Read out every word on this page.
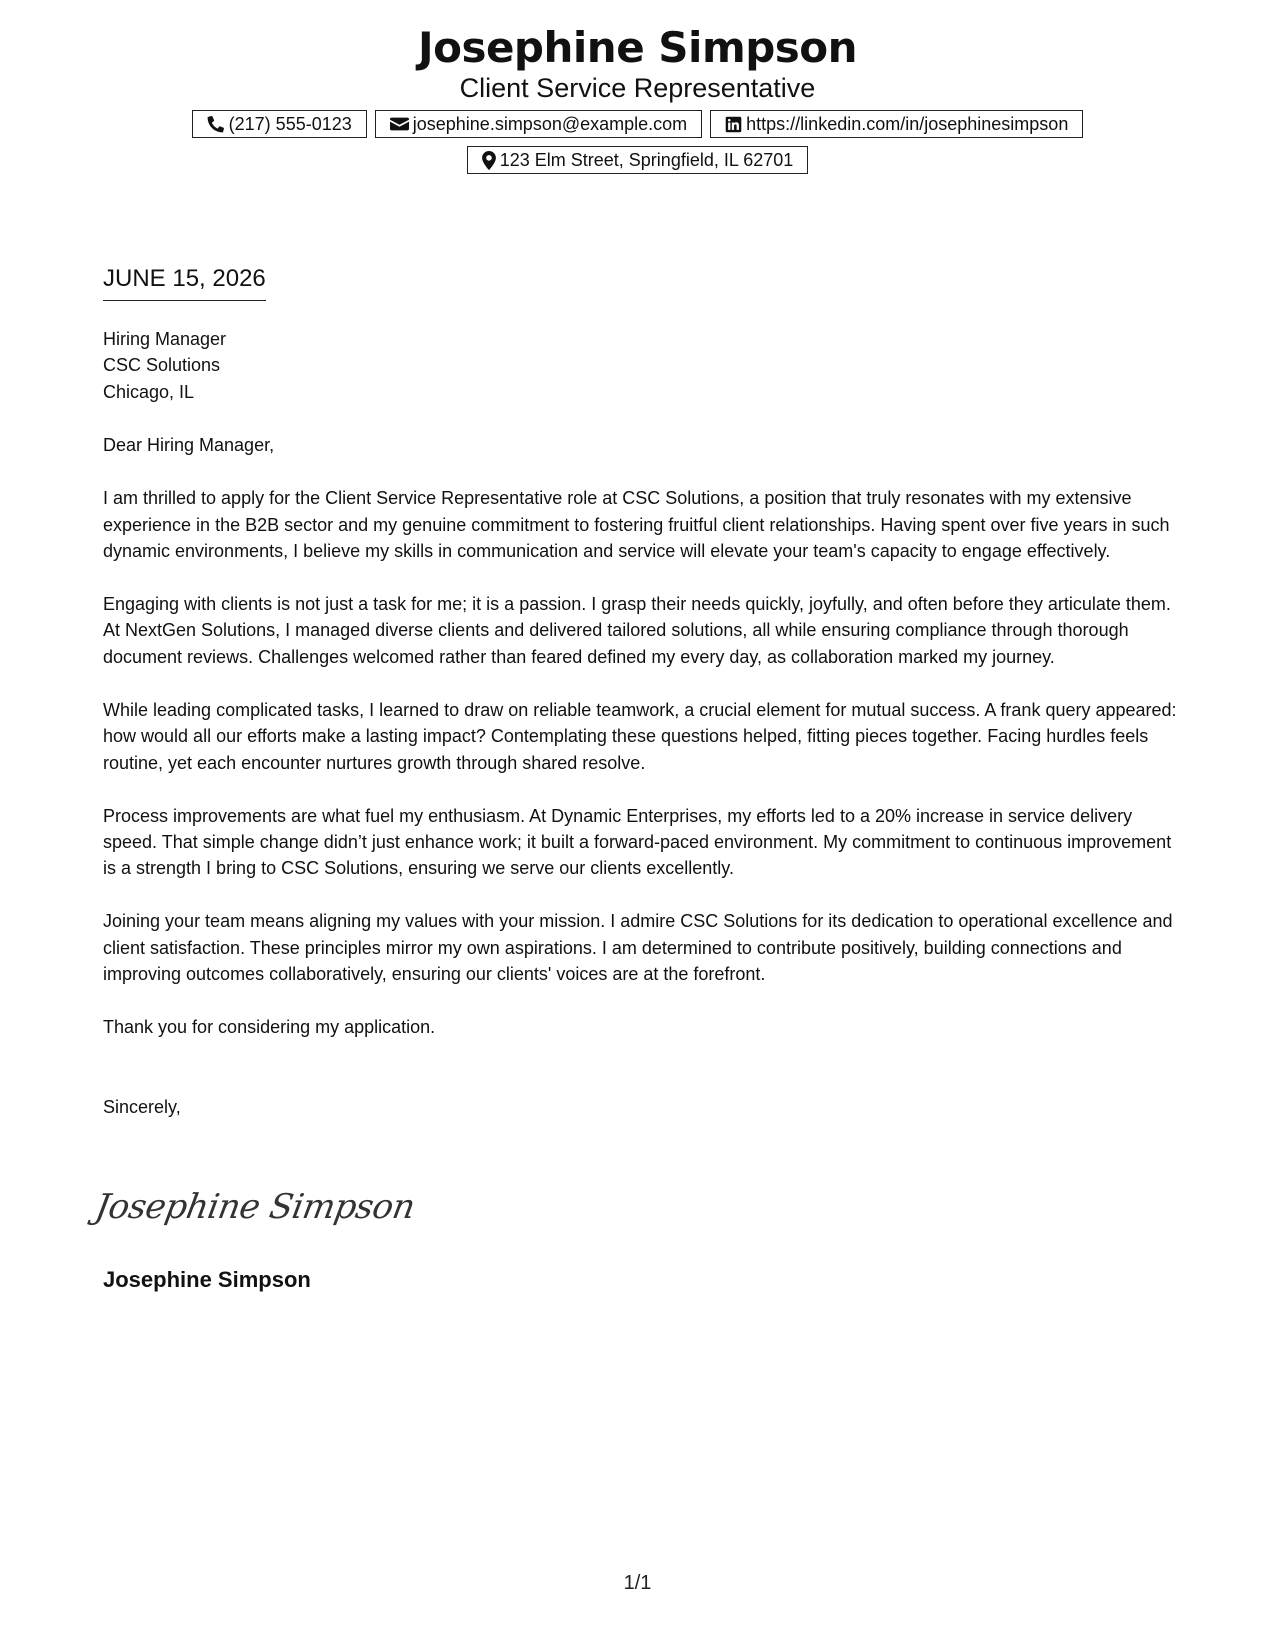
Josephine Simpson
Client Service Representative
(217) 555-0123	josephine.simpson@example.com	https://linkedin.com/in/josephinesimpson
123 Elm Street, Springfield, IL 62701
JUNE 15, 2026
Hiring Manager
CSC Solutions
Chicago, IL
Dear Hiring Manager,
I am thrilled to apply for the Client Service Representative role at CSC Solutions, a position that truly resonates with my extensive experience in the B2B sector and my genuine commitment to fostering fruitful client relationships. Having spent over five years in such dynamic environments, I believe my skills in communication and service will elevate your team's capacity to engage effectively.
Engaging with clients is not just a task for me; it is a passion. I grasp their needs quickly, joyfully, and often before they articulate them. At NextGen Solutions, I managed diverse clients and delivered tailored solutions, all while ensuring compliance through thorough document reviews. Challenges welcomed rather than feared defined my every day, as collaboration marked my journey.
While leading complicated tasks, I learned to draw on reliable teamwork, a crucial element for mutual success. A frank query appeared: how would all our efforts make a lasting impact? Contemplating these questions helped, fitting pieces together. Facing hurdles feels routine, yet each encounter nurtures growth through shared resolve.
Process improvements are what fuel my enthusiasm. At Dynamic Enterprises, my efforts led to a 20% increase in service delivery speed. That simple change didn’t just enhance work; it built a forward-paced environment. My commitment to continuous improvement is a strength I bring to CSC Solutions, ensuring we serve our clients excellently.
Joining your team means aligning my values with your mission. I admire CSC Solutions for its dedication to operational excellence and client satisfaction. These principles mirror my own aspirations. I am determined to contribute positively, building connections and improving outcomes collaboratively, ensuring our clients' voices are at the forefront.
Thank you for considering my application.
Sincerely,
Josephine Simpson
Josephine Simpson
1/1
